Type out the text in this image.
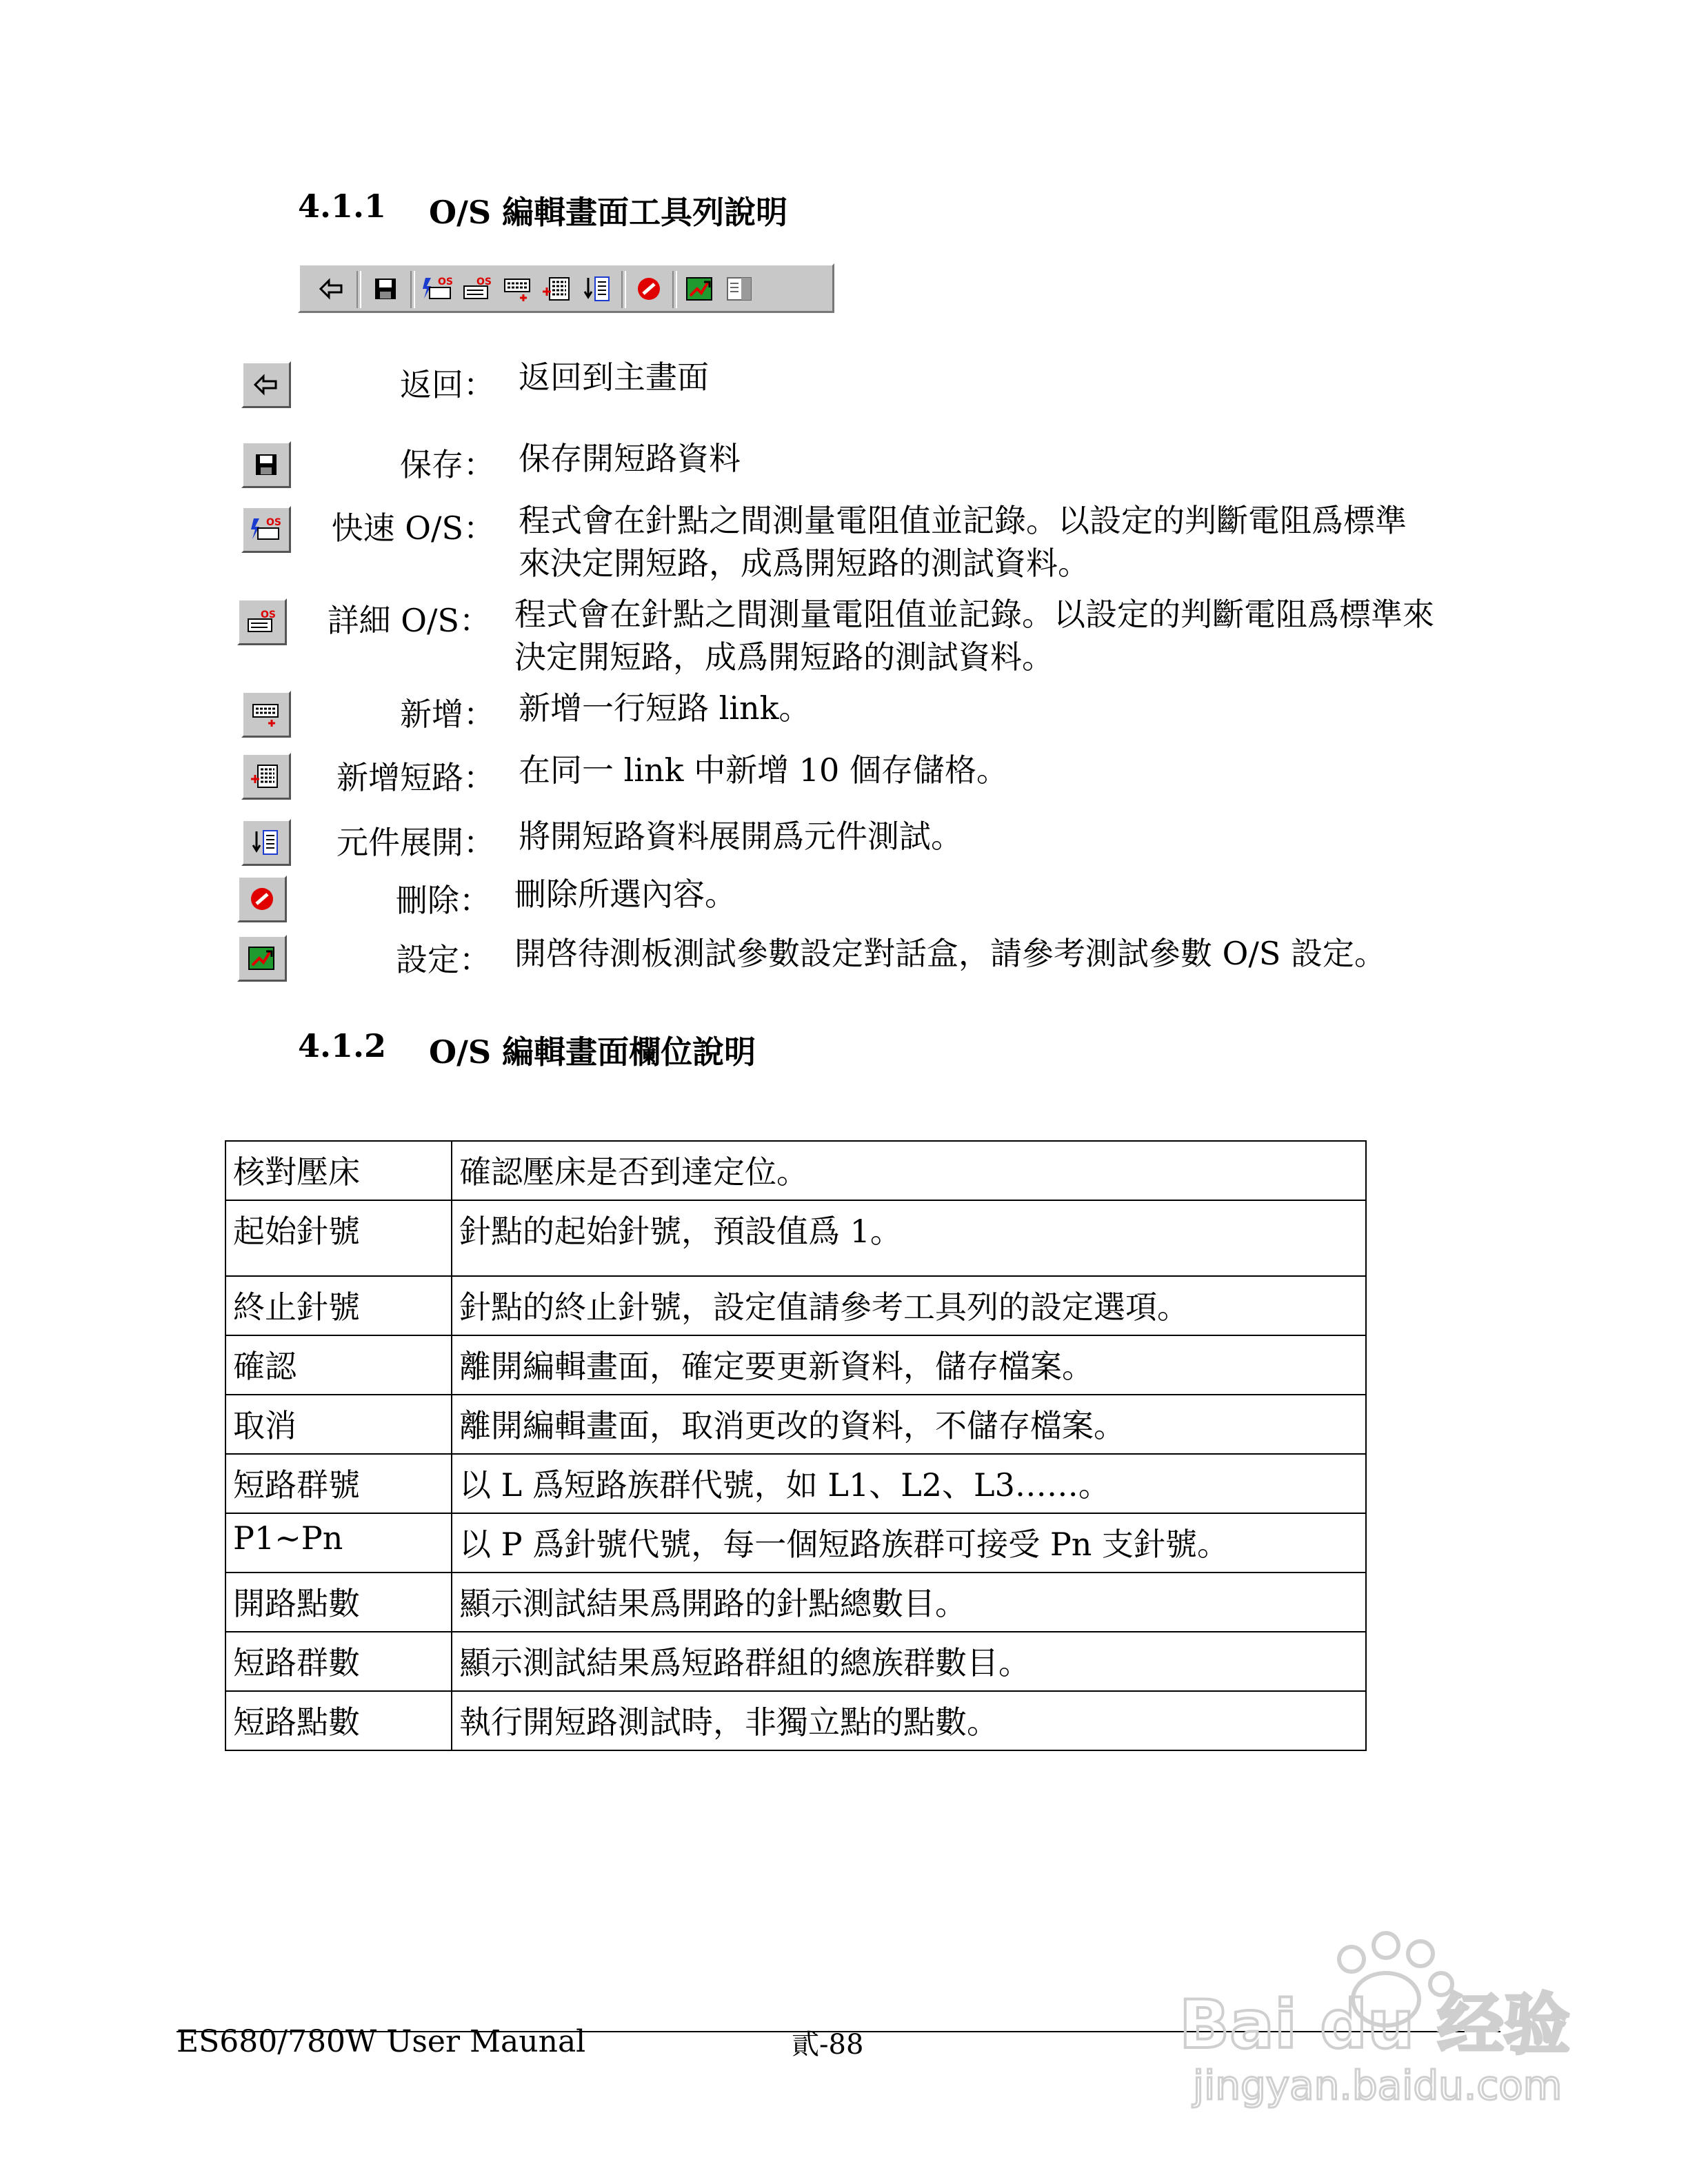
4.1.1 O/S 編輯畫面工具列說明
OS OS
返回： 返回到主畫面
保存： 保存開短路資料
OS 快速 O/S： 程式會在針點之間測量電阻值並記錄。以設定的判斷電阻爲標準來決定開短路，成爲開短路的測試資料。
OS 詳細 O/S： 程式會在針點之間測量電阻值並記錄。以設定的判斷電阻爲標準來決定開短路，成爲開短路的測試資料。
新增： 新增一行短路 link。
新增短路： 在同一 link 中新增 10 個存儲格。
元件展開： 將開短路資料展開爲元件測試。
刪除： 刪除所選內容。
設定： 開啓待測板測試參數設定對話盒，請參考測試參數 O/S 設定。
4.1.2 O/S 編輯畫面欄位說明
核對壓床	確認壓床是否到達定位。
起始針號	針點的起始針號，預設值爲 1。
終止針號	針點的終止針號，設定值請參考工具列的設定選項。
確認	離開編輯畫面，確定要更新資料，儲存檔案。
取消	離開編輯畫面，取消更改的資料，不儲存檔案。
短路群號	以 L 爲短路族群代號，如 L1、L2、L3……。
P1~Pn	以 P 爲針號代號，每一個短路族群可接受 Pn 支針號。
開路點數	顯示測試結果爲開路的針點總數目。
短路群數	顯示測試結果爲短路群組的總族群數目。
短路點數	執行開短路測試時，非獨立點的點數。
ES680/780W User Maunal	貳-88	Bai du 经验
jingyan.baidu.com
